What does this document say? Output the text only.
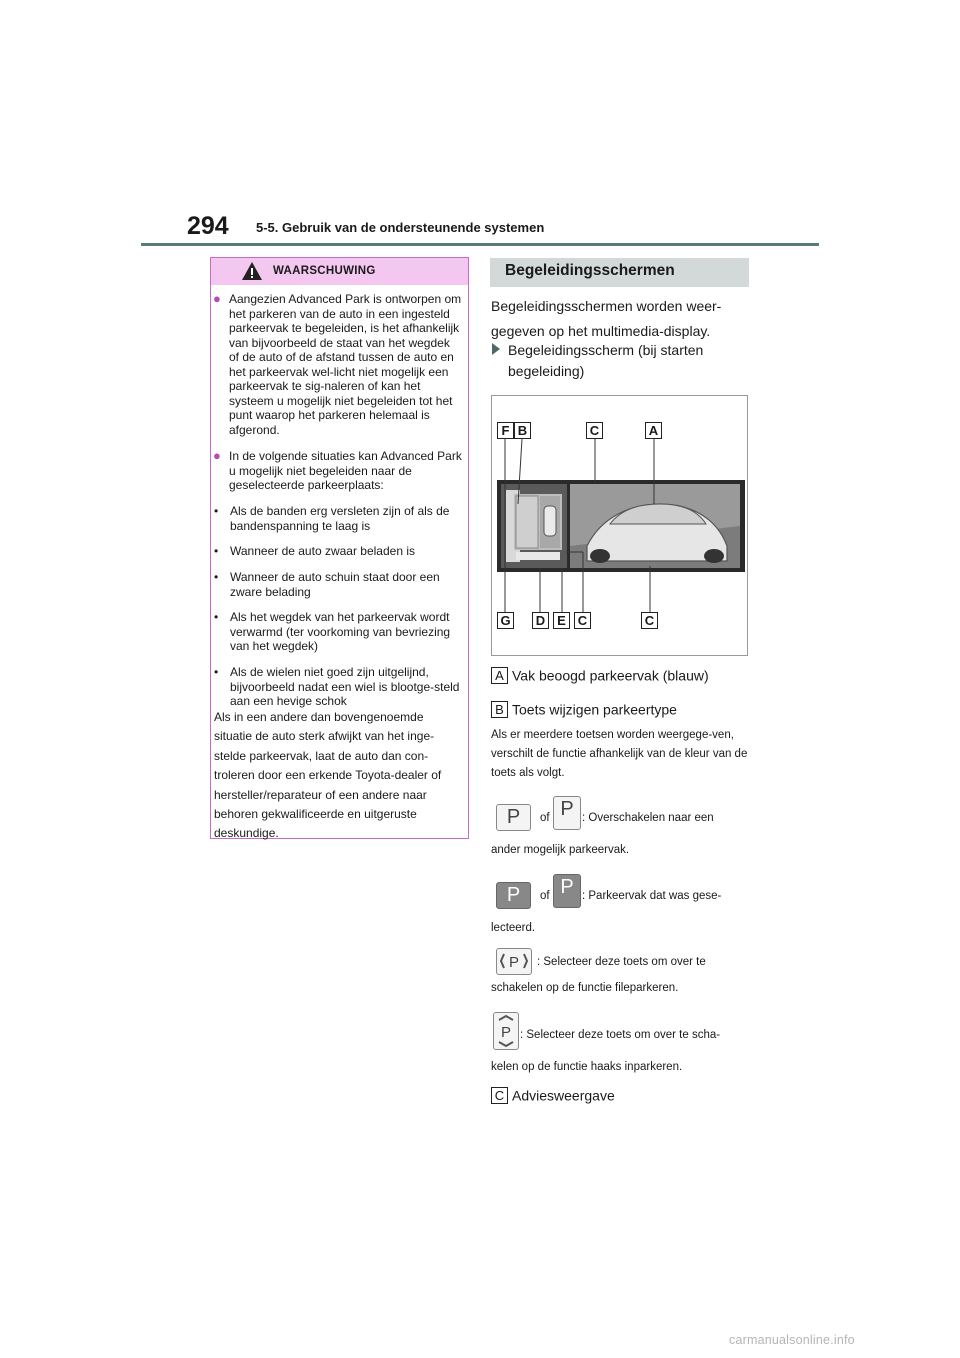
294 5-5. Gebruik van de ondersteunende systemen
WAARSCHUWING
● Aangezien Advanced Park is ontworpen om het parkeren van de auto in een ingesteld parkeervak te begeleiden, is het afhankelijk van bijvoorbeeld de staat van het wegdek of de auto of de afstand tussen de auto en het parkeervak wel-licht niet mogelijk een parkeervak te sig-naleren of kan het systeem u mogelijk niet begeleiden tot het punt waarop het parkeren helemaal is afgerond.
● In de volgende situaties kan Advanced Park u mogelijk niet begeleiden naar de geselecteerde parkeerplaats:
• Als de banden erg versleten zijn of als de bandenspanning te laag is
• Wanneer de auto zwaar beladen is
• Wanneer de auto schuin staat door een zware belading
• Als het wegdek van het parkeervak wordt verwarmd (ter voorkoming van bevriezing van het wegdek)
• Als de wielen niet goed zijn uitgelijnd, bijvoorbeeld nadat een wiel is blootge-steld aan een hevige schok
Als in een andere dan bovengenoemde situatie de auto sterk afwijkt van het inge-stelde parkeervak, laat de auto dan con-troleren door een erkende Toyota-dealer of hersteller/reparateur of een andere naar behoren gekwalificeerde en uitgeruste deskundige.
Begeleidingsschermen
Begeleidingsschermen worden weer-gegeven op het multimedia-display.
Begeleidingsscherm (bij starten begeleiding)
F B	C	A
G D E C	C
A Vak beoogd parkeervak (blauw)
B Toets wijzigen parkeertype
Als er meerdere toetsen worden weergege-ven, verschilt de functie afhankelijk van de kleur van de toets als volgt.
P	of P : Overschakelen naar een
ander mogelijk parkeervak.
P	of P : Parkeervak dat was gese-
lecteerd.
P : Selecteer deze toets om over te
schakelen op de functie fileparkeren.
P : Selecteer deze toets om over te scha-
kelen op de functie haaks inparkeren.
C Adviesweergave
carmanualsonline.info
